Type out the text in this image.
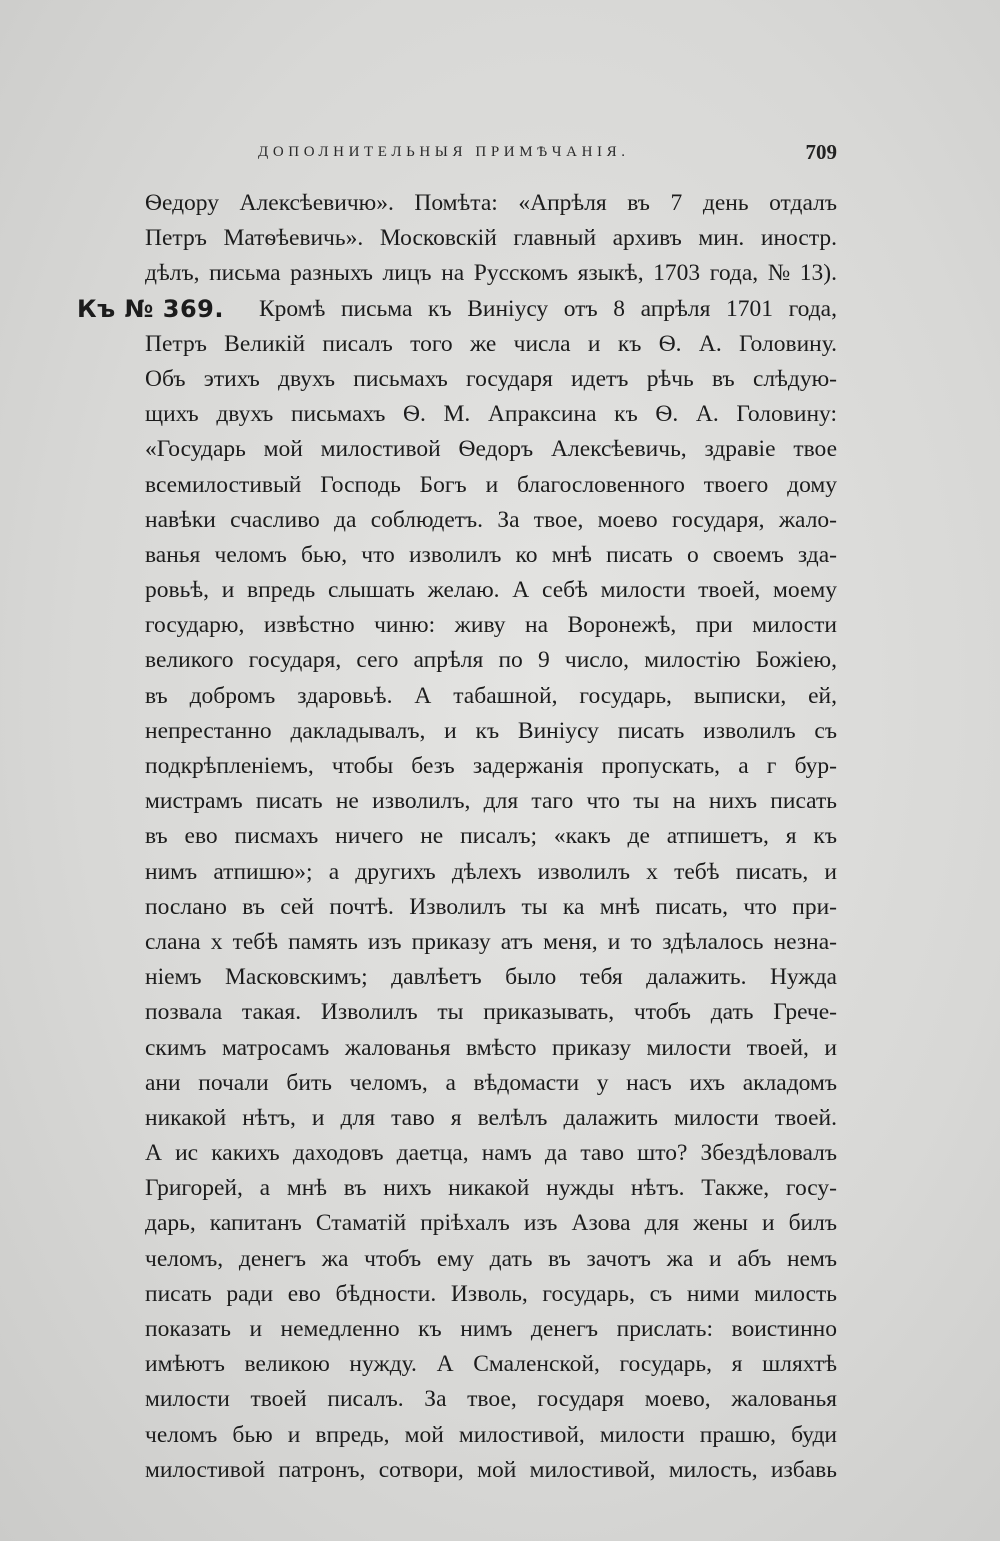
ДОПОЛНИТЕЛЬНЫЯ ПРИМѢЧАНІЯ.	709
Ѳедору Алексѣевичю». Помѣта: «Апрѣля въ 7 день отдалъ
Петръ Матѳѣевичь». Московскій главный архивъ мин. иностр.
дѣлъ, письма разныхъ лицъ на Русскомъ языкѣ, 1703 года, № 13).
Къ № 369. Кромѣ письма къ Виніусу отъ 8 апрѣля 1701 года,
Петръ Великій писалъ того же числа и къ Ѳ. А. Головину.
Объ этихъ двухъ письмахъ государя идетъ рѣчь въ слѣдую-
щихъ двухъ письмахъ Ѳ. М. Апраксина къ Ѳ. А. Головину:
«Государь мой милостивой Ѳедоръ Алексѣевичь, здравіе твое
всемилостивый Господь Богъ и благословенного твоего дому
навѣки счасливо да соблюдетъ. За твое, моево государя, жало-
ванья челомъ бью, что изволилъ ко мнѣ писать о своемъ здa-
ровьѣ, и впредь слышать желаю. А себѣ милости твоей, моему
государю, извѣстно чиню: живу на Воронежѣ, при милости
великого государя, сего апрѣля по 9 число, милостію Божіею,
въ добромъ здаровьѣ. А табашной, государь, выписки, ей,
непрестанно дакладывалъ, и къ Виніусу писать изволилъ съ
подкрѣпленіемъ, чтобы безъ задержанія пропускать, а г бур-
мистрамъ писать не изволилъ, для таго что ты на нихъ писать
въ ево писмахъ ничего не писалъ; «какъ де атпишетъ, я къ
нимъ атпишю»; а другихъ дѣлехъ изволилъ х тебѣ писать, и
послано въ сей почтѣ. Изволилъ ты ка мнѣ писать, что при-
слана х тебѣ память изъ приказу атъ меня, и то здѣлалось незна-
ніемъ Масковскимъ; давлѣетъ было тебя далажить. Нужда
позвала такая. Изволилъ ты приказывать, чтобъ дать Грече-
скимъ матросамъ жалованья вмѣсто приказу милости твоей, и
ани почали бить челомъ, а вѣдомасти у насъ ихъ акладомъ
никакой нѣтъ, и для таво я велѣлъ далажить милости твоей.
А ис какихъ даходовъ даетца, намъ да таво што? Збездѣловалъ
Григорей, а мнѣ въ нихъ никакой нужды нѣтъ. Также, госу-
дарь, капитанъ Стаматій пріѣхалъ изъ Азова для жены и билъ
челомъ, денегъ жа чтобъ ему дать въ зачотъ жа и абъ немъ
писать ради ево бѣдности. Изволь, государь, съ ними милость
показать и немедленно къ нимъ денегъ прислать: воистинно
имѣютъ великою нужду. А Смаленской, государь, я шляхтѣ
милости твоей писалъ. За твое, государя моево, жалованья
челомъ бью и впредь, мой милостивой, милости прашю, буди
милостивой патронъ, сотвори, мой милостивой, милость, избавь
